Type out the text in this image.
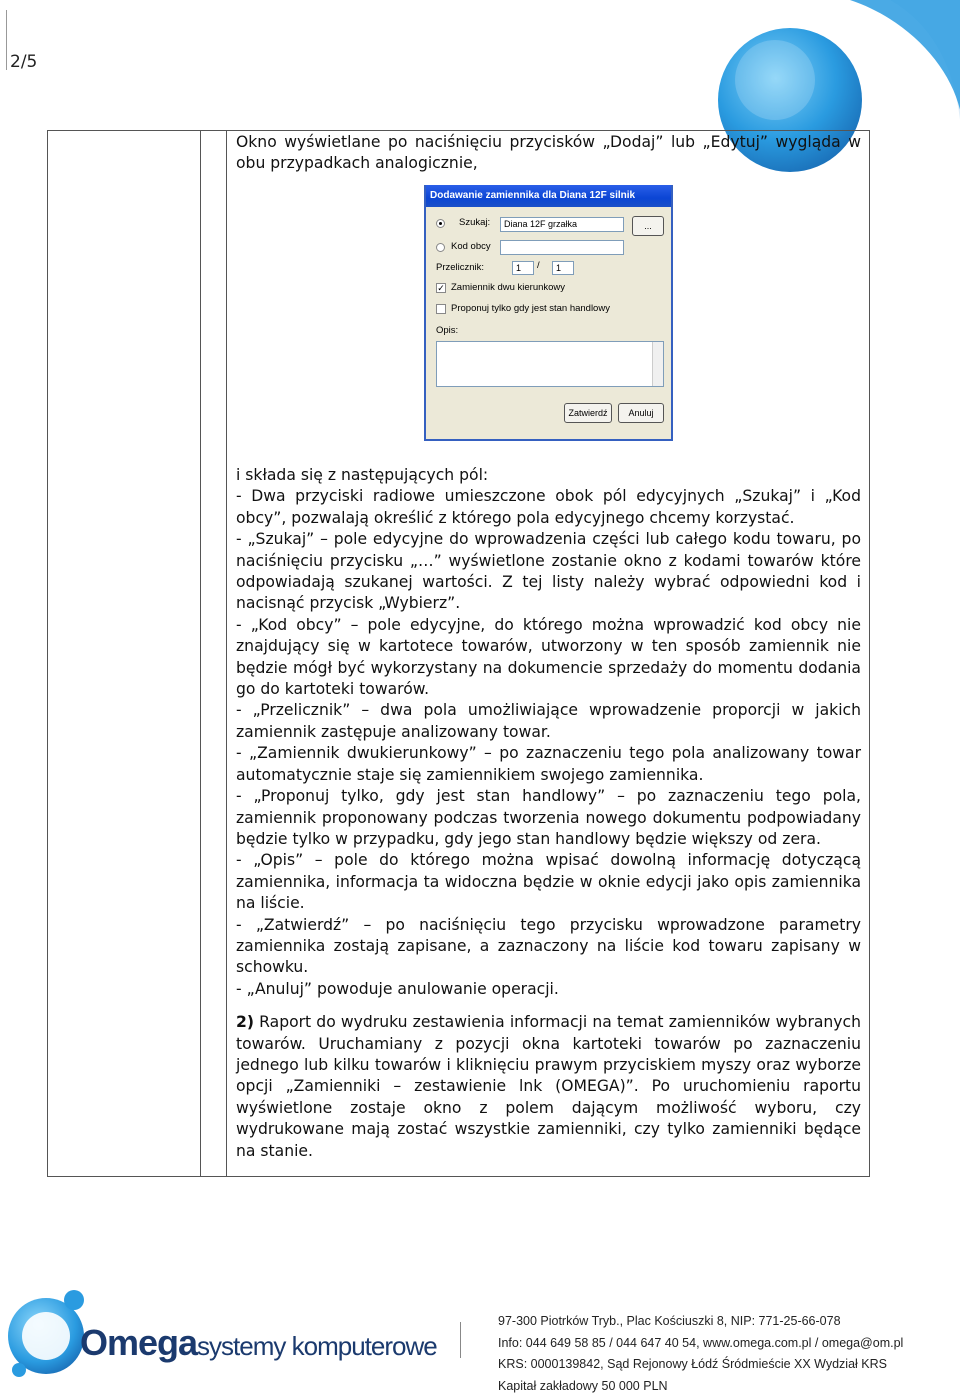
2/5

Okno wyświetlane po naciśnięciu przycisków „Dodaj” lub „Edytuj” wygląda w obu przypadkach analogicznie,

i składa się z następujących pól:

- Dwa przyciski radiowe umieszczone obok pól edycyjnych „Szukaj” i „Kod obcy”, pozwalają określić z którego pola edycyjnego chcemy korzystać.

- „Szukaj” – pole edycyjne do wprowadzenia części lub całego kodu towaru, po naciśnięciu przycisku „…” wyświetlone zostanie okno z kodami towarów które odpowiadają szukanej wartości. Z tej listy należy wybrać odpowiedni kod i nacisnąć przycisk „Wybierz”.

- „Kod obcy” – pole edycyjne, do którego można wprowadzić kod obcy nie znajdujący się w kartotece towarów, utworzony w ten sposób zamiennik nie będzie mógł być wykorzystany na dokumencie sprzedaży do momentu dodania go do kartoteki towarów.

- „Przelicznik” – dwa pola umożliwiające wprowadzenie proporcji w jakich zamiennik zastępuje analizowany towar.

- „Zamiennik dwukierunkowy” – po zaznaczeniu tego pola analizowany towar automatycznie staje się zamiennikiem swojego zamiennika.

- „Proponuj tylko, gdy jest stan handlowy” – po zaznaczeniu tego pola, zamiennik proponowany podczas tworzenia nowego dokumentu podpowiadany będzie tylko w przypadku, gdy jego stan handlowy będzie większy od zera.

- „Opis” – pole do którego można wpisać dowolną informację dotyczącą zamiennika, informacja ta widoczna będzie w oknie edycji jako opis zamiennika na liście.

- „Zatwierdź” – po naciśnięciu tego przycisku wprowadzone parametry zamiennika zostają zapisane, a zaznaczony na liście kod towaru zapisany w schowku.

- „Anuluj” powoduje anulowanie operacji.

2) Raport do wydruku zestawienia informacji na temat zamienników wybranych towarów. Uruchamiany z pozycji okna kartoteki towarów po zaznaczeniu jednego lub kilku towarów i kliknięciu prawym przyciskiem myszy oraz wyborze opcji „Zamienniki – zestawienie lnk (OMEGA)”. Po uruchomieniu raportu wyświetlone zostaje okno z polem dającym możliwość wyboru, czy wydrukowane mają zostać wszystkie zamienniki, czy tylko zamienniki będące na stanie.

Dodawanie zamiennika dla Diana 12F silnik
Szukaj:	Diana 12F grzałka	...
Kod obcy
Przelicznik:	1	/	1
✓ Zamiennik dwu kierunkowy
Proponuj tylko gdy jest stan handlowy
Opis:
Zatwierdź	Anuluj
Omegasystemy komputerowe
97-300 Piotrków Tryb., Plac Kościuszki 8, NIP: 771-25-66-078
Info: 044 649 58 85 / 044 647 40 54, www.omega.com.pl / omega@om.pl
KRS: 0000139842, Sąd Rejonowy Łódź Śródmieście XX Wydział KRS
Kapitał zakładowy 50 000 PLN
